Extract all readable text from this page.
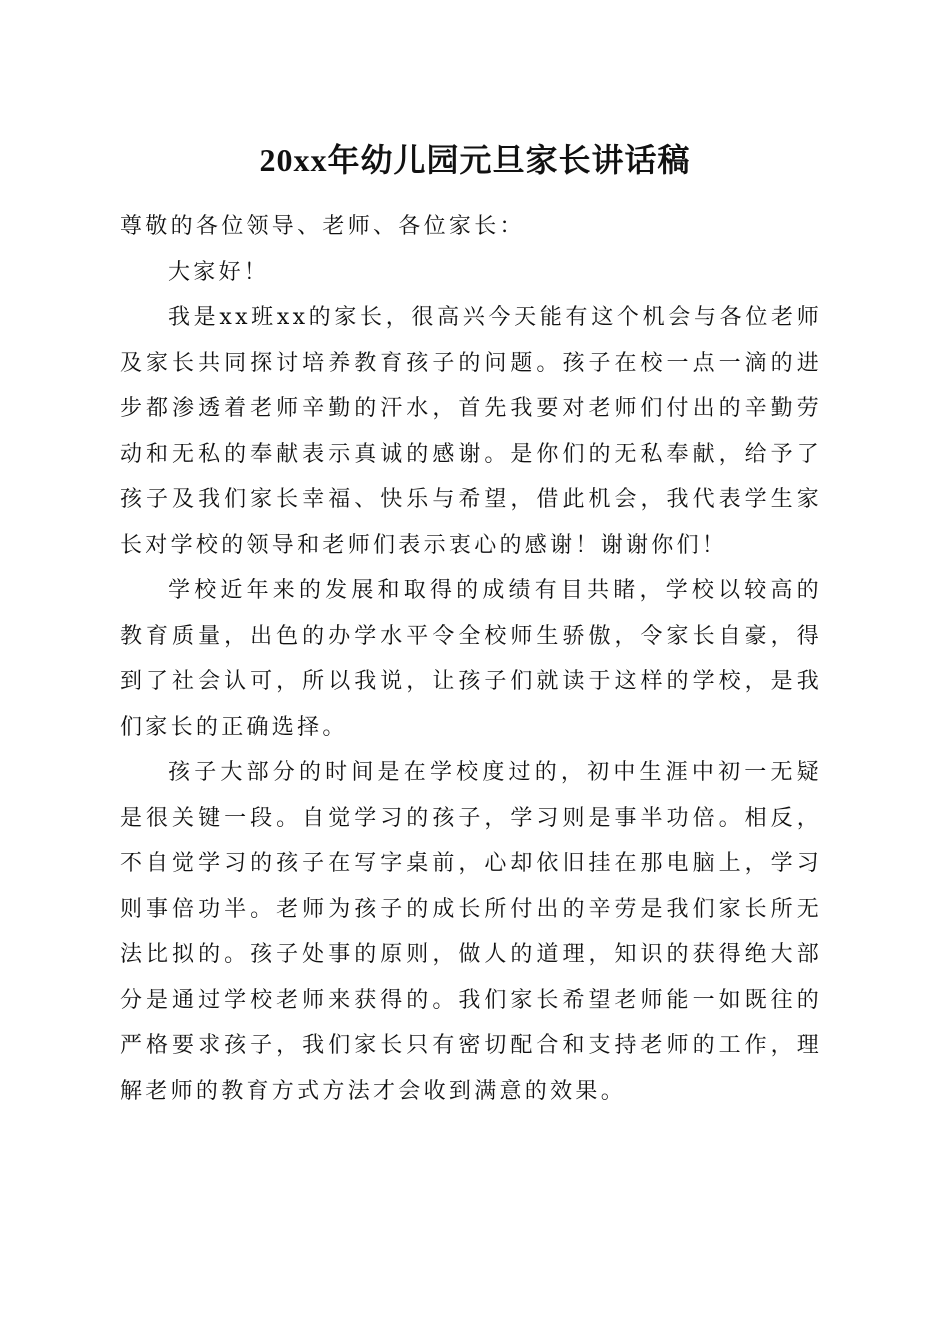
20xx年幼儿园元旦家长讲话稿

尊敬的各位领导、老师、各位家长：

大家好！

我是xx班xx的家长，很高兴今天能有这个机会与各位老师及家长共同探讨培养教育孩子的问题。孩子在校一点一滴的进步都渗透着老师辛勤的汗水，首先我要对老师们付出的辛勤劳动和无私的奉献表示真诚的感谢。是你们的无私奉献，给予了孩子及我们家长幸福、快乐与希望，借此机会，我代表学生家长对学校的领导和老师们表示衷心的感谢！谢谢你们！

学校近年来的发展和取得的成绩有目共睹，学校以较高的教育质量，出色的办学水平令全校师生骄傲，令家长自豪，得到了社会认可，所以我说，让孩子们就读于这样的学校，是我们家长的正确选择。

孩子大部分的时间是在学校度过的，初中生涯中初一无疑是很关键一段。自觉学习的孩子，学习则是事半功倍。相反，不自觉学习的孩子在写字桌前，心却依旧挂在那电脑上，学习则事倍功半。老师为孩子的成长所付出的辛劳是我们家长所无法比拟的。孩子处事的原则，做人的道理，知识的获得绝大部分是通过学校老师来获得的。我们家长希望老师能一如既往的严格要求孩子，我们家长只有密切配合和支持老师的工作，理解老师的教育方式方法才会收到满意的效果。
